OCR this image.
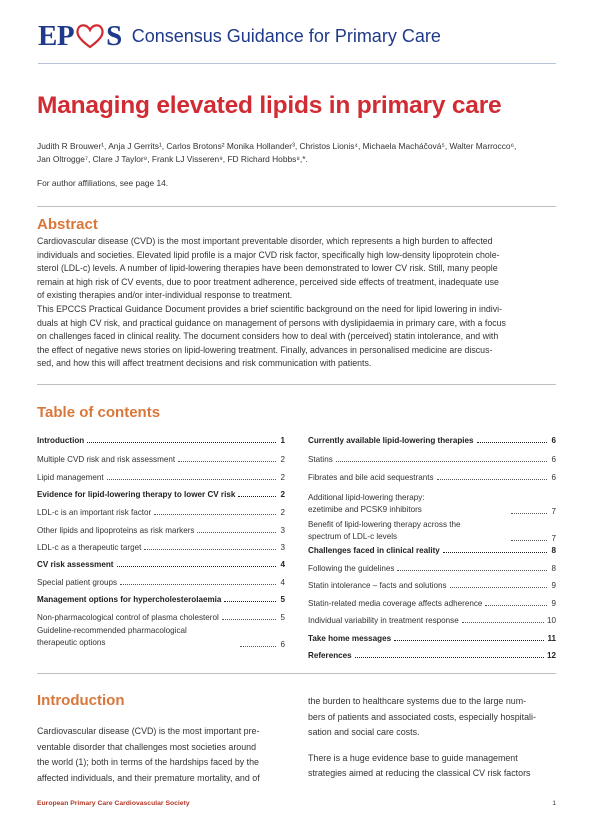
EP S Consensus Guidance for Primary Care
Managing elevated lipids in primary care
Judith R Brouwer¹, Anja J Gerrits¹, Carlos Brotons² Monika Hollander³, Christos Lionis⁴, Michaela Macháčová⁵, Walter Marrocco⁶,
Jan Oltrogge⁷, Clare J Taylor⁸, Frank LJ Visseren⁹, FD Richard Hobbs⁸,*.
For author affiliations, see page 14.
Abstract

Cardiovascular disease (CVD) is the most important preventable disorder, which represents a high burden to affected

individuals and societies. Elevated lipid profile is a major CVD risk factor, specifically high low-density lipoprotein chole-

sterol (LDL-c) levels. A number of lipid-lowering therapies have been demonstrated to lower CV risk. Still, many people

remain at high risk of CV events, due to poor treatment adherence, perceived side effects of treatment, inadequate use

of existing therapies and/or inter-individual response to treatment.

This EPCCS Practical Guidance Document provides a brief scientific background on the need for lipid lowering in indivi-

duals at high CV risk, and practical guidance on management of persons with dyslipidaemia in primary care, with a focus

on challenges faced in clinical reality. The document considers how to deal with (perceived) statin intolerance, and with

the effect of negative news stories on lipid-lowering treatment. Finally, advances in personalised medicine are discus-

sed, and how this will affect treatment decisions and risk communication with patients.

Table of contents
Introduction	1
Multiple CVD risk and risk assessment	2
Lipid management	2
Evidence for lipid-lowering therapy to lower CV risk	2
LDL-c is an important risk factor	2
Other lipids and lipoproteins as risk markers	3
LDL-c as a therapeutic target	3
CV risk assessment	4
Special patient groups	4
Management options for hypercholesterolaemia	5
Non-pharmacological control of plasma cholesterol	5
Guideline-recommended pharmacological
therapeutic options	6
Currently available lipid-lowering therapies	6
Statins	6
Fibrates and bile acid sequestrants	6
Additional lipid-lowering therapy:
ezetimibe and PCSK9 inhibitors	7
Benefit of lipid-lowering therapy across the
spectrum of LDL-c levels	7
Challenges faced in clinical reality	8
Following the guidelines	8
Statin intolerance – facts and solutions	9
Statin-related media coverage affects adherence	9
Individual variability in treatment response	10
Take home messages	11
References	12
Introduction
Cardiovascular disease (CVD) is the most important pre-
ventable disorder that challenges most societies around
the world (1); both in terms of the hardships faced by the
affected individuals, and their premature mortality, and of
the burden to healthcare systems due to the large num-
bers of patients and associated costs, especially hospitali-
sation and social care costs.
There is a huge evidence base to guide management
strategies aimed at reducing the classical CV risk factors
European Primary Care Cardiovascular Society	1
